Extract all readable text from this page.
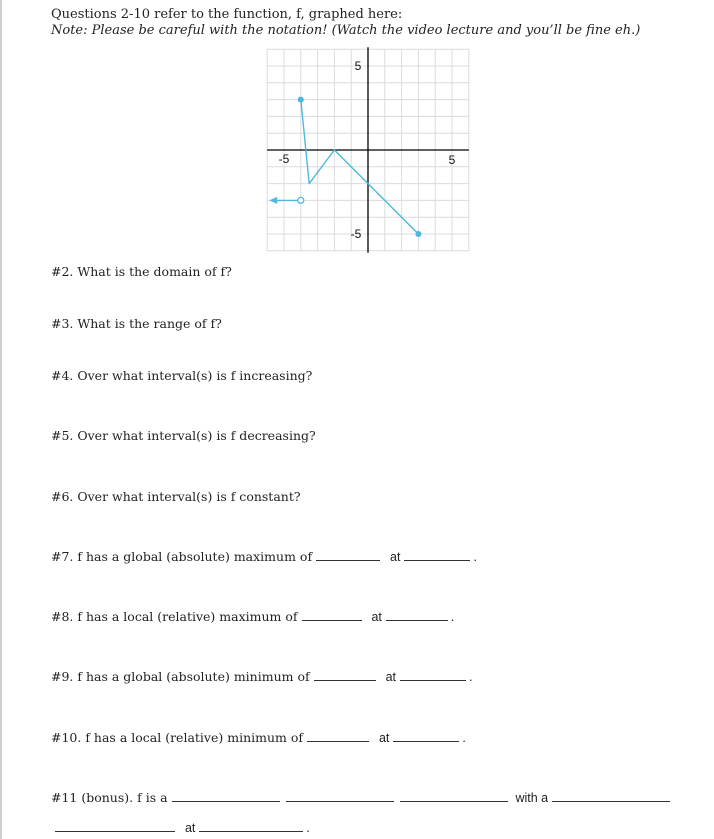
Questions 2-10 refer to the function, f, graphed here:
Note: Please be careful with the notation! (Watch the video lecture and you’ll be fine eh.)
-5	5
5
-5
#2. What is the domain of f?
#3. What is the range of f?
#4. Over what interval(s) is f increasing?
#5. Over what interval(s) is f decreasing?
#6. Over what interval(s) is f constant?
#7. f has a global (absolute) maximum of	at	.
#8. f has a local (relative) maximum of	at	.
#9. f has a global (absolute) minimum of	at	.
#10. f has a local (relative) minimum of	at	.
#11 (bonus). f is a	with a
at	.
